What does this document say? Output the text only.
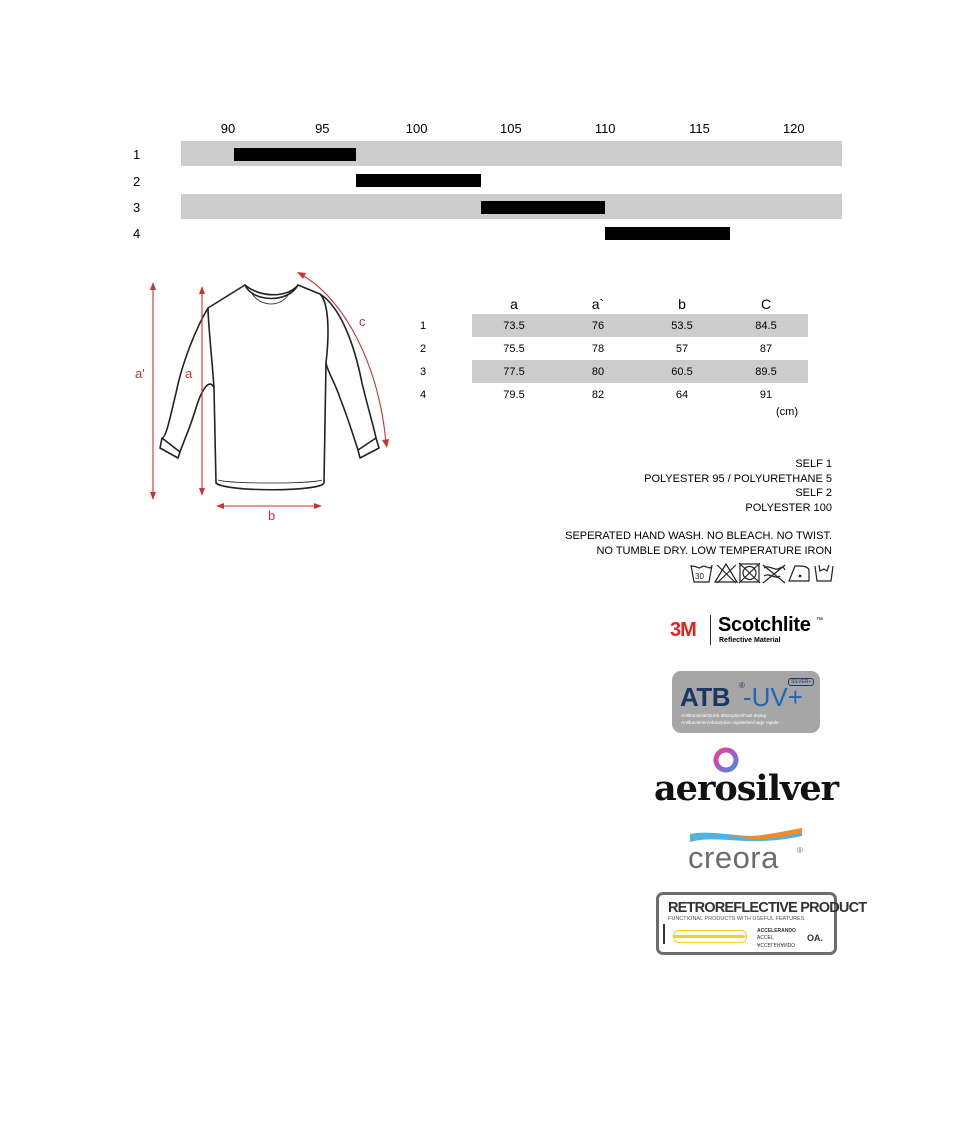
90	95	100	105	110	115	120
1
2
3
4
a'	a
b
c
	a	a`	b	C
1	73.5	76	53.5	84.5
2	75.5	78	57	87
3	77.5	80	60.5	89.5
4	79.5	82	64	91
(cm)
SELF 1
POLYESTER 95 / POLYURETHANE 5
SELF 2
POLYESTER 100
SEPERATED HAND WASH. NO BLEACH. NO TWIST.
NO TUMBLE DRY. LOW TEMPERATURE IRON
30
3M Scotchlite ™
Reflective Material
ATB ®
-UV+
SILVER+
Antibacterial/Quick absorption/Fast drying
Antibactérien/Absorption rapide/Séchage rapide
aerosilver
creora ®
RETROREFLECTIVE PRODUCT
FUNCTIONAL PRODUCTS WITH USEFUL FEATURES
ACCELERANDO
ACCEL
ACCELERANDO
OA.
